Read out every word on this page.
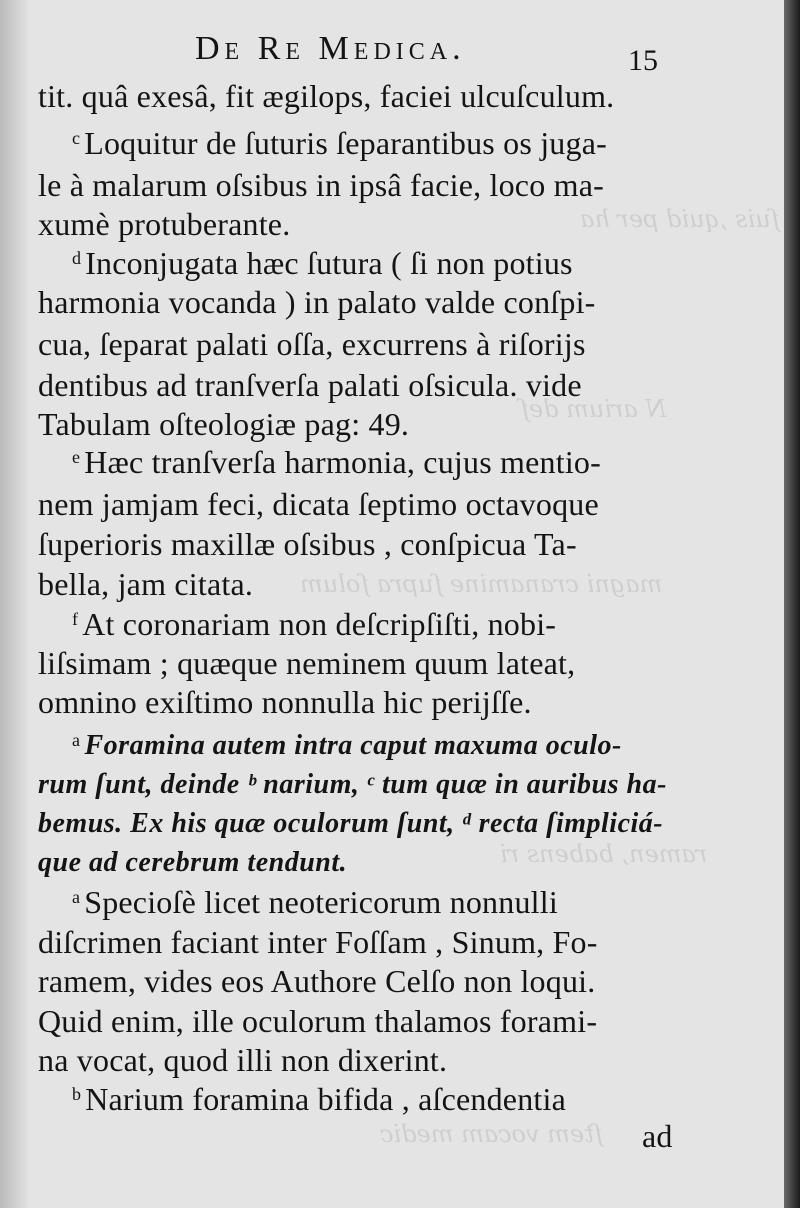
ſuis ,quid per ha
N arium deſ
magni cranamine ſupra ſolum
ramen, babens ri
ſtem vocam medic
De Re Medica.	15
tit. quâ exesâ, fit ægilops, faciei ulcuſculum.
$^c$ Loquitur de ſuturis ſeparantibus os juga-
le à malarum oſsibus in ipsâ facie, loco ma-
xumè protuberante.
$^d$ Inconjugata hæc ſutura ( ſi non potius
harmonia vocanda ) in palato valde conſpi-
cua, ſeparat palati oſſa, excurrens à riſorijs
dentibus ad tranſverſa palati oſsicula. vide
Tabulam oſteologiæ pag: 49.
$^e$ Hæc tranſverſa harmonia, cujus mentio-
nem jamjam feci, dicata ſeptimo octavoque
ſuperioris maxillæ oſsibus , conſpicua Ta-
bella, jam citata.
$^f$ At coronariam non deſcripſiſti, nobi-
liſsimam ; quæque neminem quum lateat,
omnino exiſtimo nonnulla hic perijſſe.
$^a$ Foramina autem intra caput maxuma oculo-
rum ſunt, deinde ᵇ narium, ᶜ tum quæ in auribus ha-
bemus. Ex his quæ oculorum ſunt, ᵈ recta ſimpliciá-
que ad cerebrum tendunt.
$^a$ Specioſè licet neotericorum nonnulli
diſcrimen faciant inter Foſſam , Sinum, Fo-
ramem, vides eos Authore Celſo non loqui.
Quid enim, ille oculorum thalamos forami-
na vocat, quod illi non dixerint.
$^b$ Narium foramina bifida , aſcendentia
ad
